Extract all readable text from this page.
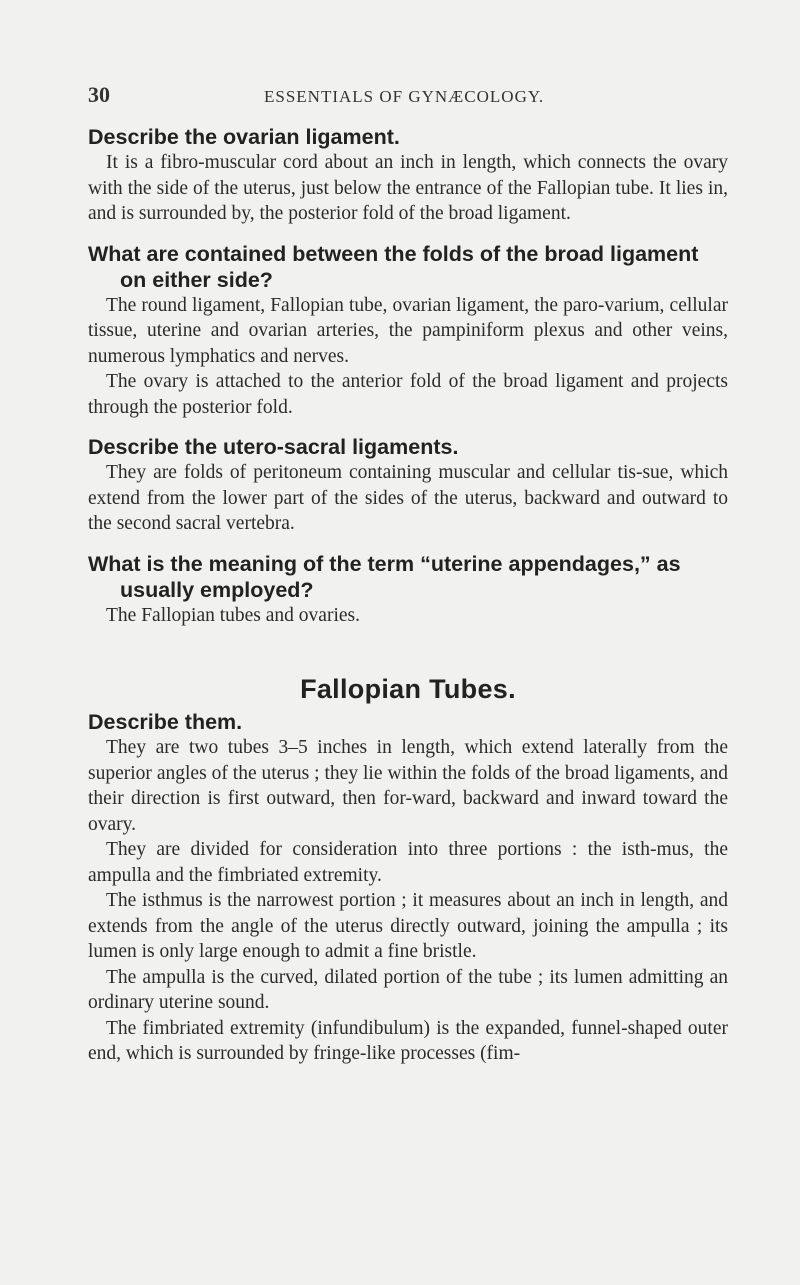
30	ESSENTIALS OF GYNÆCOLOGY.

Describe the ovarian ligament.

It is a fibro-muscular cord about an inch in length, which connects the ovary with the side of the uterus, just below the entrance of the Fallopian tube. It lies in, and is surrounded by, the posterior fold of the broad ligament.

What are contained between the folds of the broad ligament on either side?

The round ligament, Fallopian tube, ovarian ligament, the paro-varium, cellular tissue, uterine and ovarian arteries, the pampiniform plexus and other veins, numerous lymphatics and nerves.

The ovary is attached to the anterior fold of the broad ligament and projects through the posterior fold.

Describe the utero-sacral ligaments.

They are folds of peritoneum containing muscular and cellular tis-sue, which extend from the lower part of the sides of the uterus, backward and outward to the second sacral vertebra.

What is the meaning of the term “uterine appendages,” as usually employed?

The Fallopian tubes and ovaries.

Fallopian Tubes.

Describe them.

They are two tubes 3–5 inches in length, which extend laterally from the superior angles of the uterus ; they lie within the folds of the broad ligaments, and their direction is first outward, then for-ward, backward and inward toward the ovary.

They are divided for consideration into three portions : the isth-mus, the ampulla and the fimbriated extremity.

The isthmus is the narrowest portion ; it measures about an inch in length, and extends from the angle of the uterus directly outward, joining the ampulla ; its lumen is only large enough to admit a fine bristle.

The ampulla is the curved, dilated portion of the tube ; its lumen admitting an ordinary uterine sound.

The fimbriated extremity (infundibulum) is the expanded, funnel-shaped outer end, which is surrounded by fringe-like processes (fim-
